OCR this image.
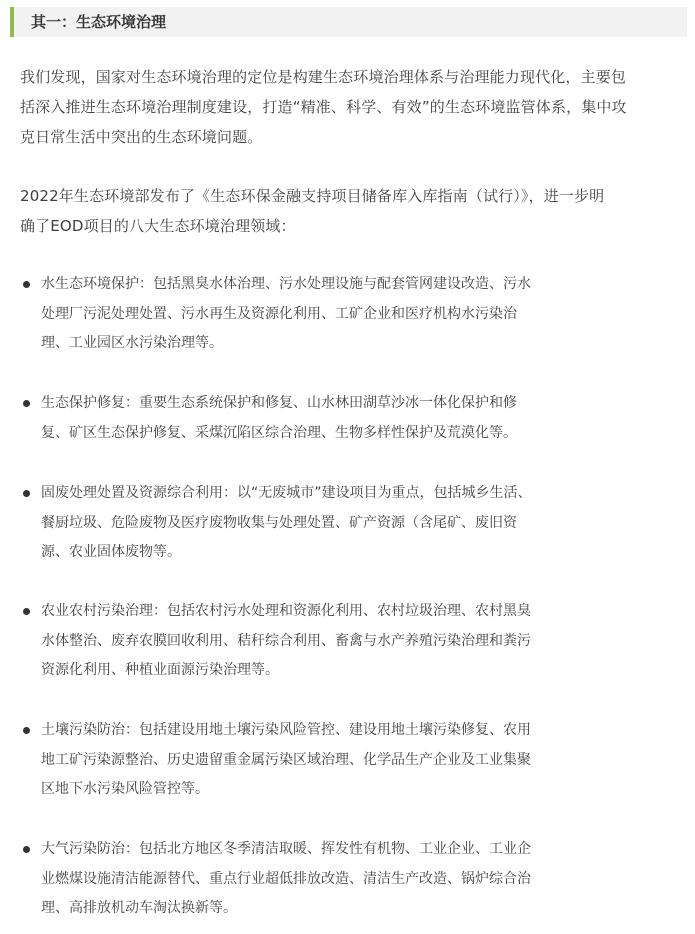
其一：生态环境治理

我们发现，国家对生态环境治理的定位是构建生态环境治理体系与治理能力现代化，主要包
括深入推进生态环境治理制度建设，打造“精准、科学、有效”的生态环境监管体系，集中攻
克日常生活中突出的生态环境问题。

2022年生态环境部发布了《生态环保金融支持项目储备库入库指南（试行）》，进一步明
确了EOD项目的八大生态环境治理领域：

水生态环境保护：包括黑臭水体治理、污水处理设施与配套管网建设改造、污水
处理厂污泥处理处置、污水再生及资源化利用、工矿企业和医疗机构水污染治
理、工业园区水污染治理等。
生态保护修复：重要生态系统保护和修复、山水林田湖草沙冰一体化保护和修
复、矿区生态保护修复、采煤沉陷区综合治理、生物多样性保护及荒漠化等。
固废处理处置及资源综合利用：以“无废城市”建设项目为重点，包括城乡生活、
餐厨垃圾、危险废物及医疗废物收集与处理处置、矿产资源（含尾矿、废旧资
源、农业固体废物等。
农业农村污染治理：包括农村污水处理和资源化利用、农村垃圾治理、农村黑臭
水体整治、废弃农膜回收利用、秸秆综合利用、畜禽与水产养殖污染治理和粪污
资源化利用、种植业面源污染治理等。
土壤污染防治：包括建设用地土壤污染风险管控、建设用地土壤污染修复、农用
地工矿污染源整治、历史遗留重金属污染区域治理、化学品生产企业及工业集聚
区地下水污染风险管控等。
大气污染防治：包括北方地区冬季清洁取暖、挥发性有机物、工业企业、工业企
业燃煤设施清洁能源替代、重点行业超低排放改造、清洁生产改造、锅炉综合治
理、高排放机动车淘汰换新等。
